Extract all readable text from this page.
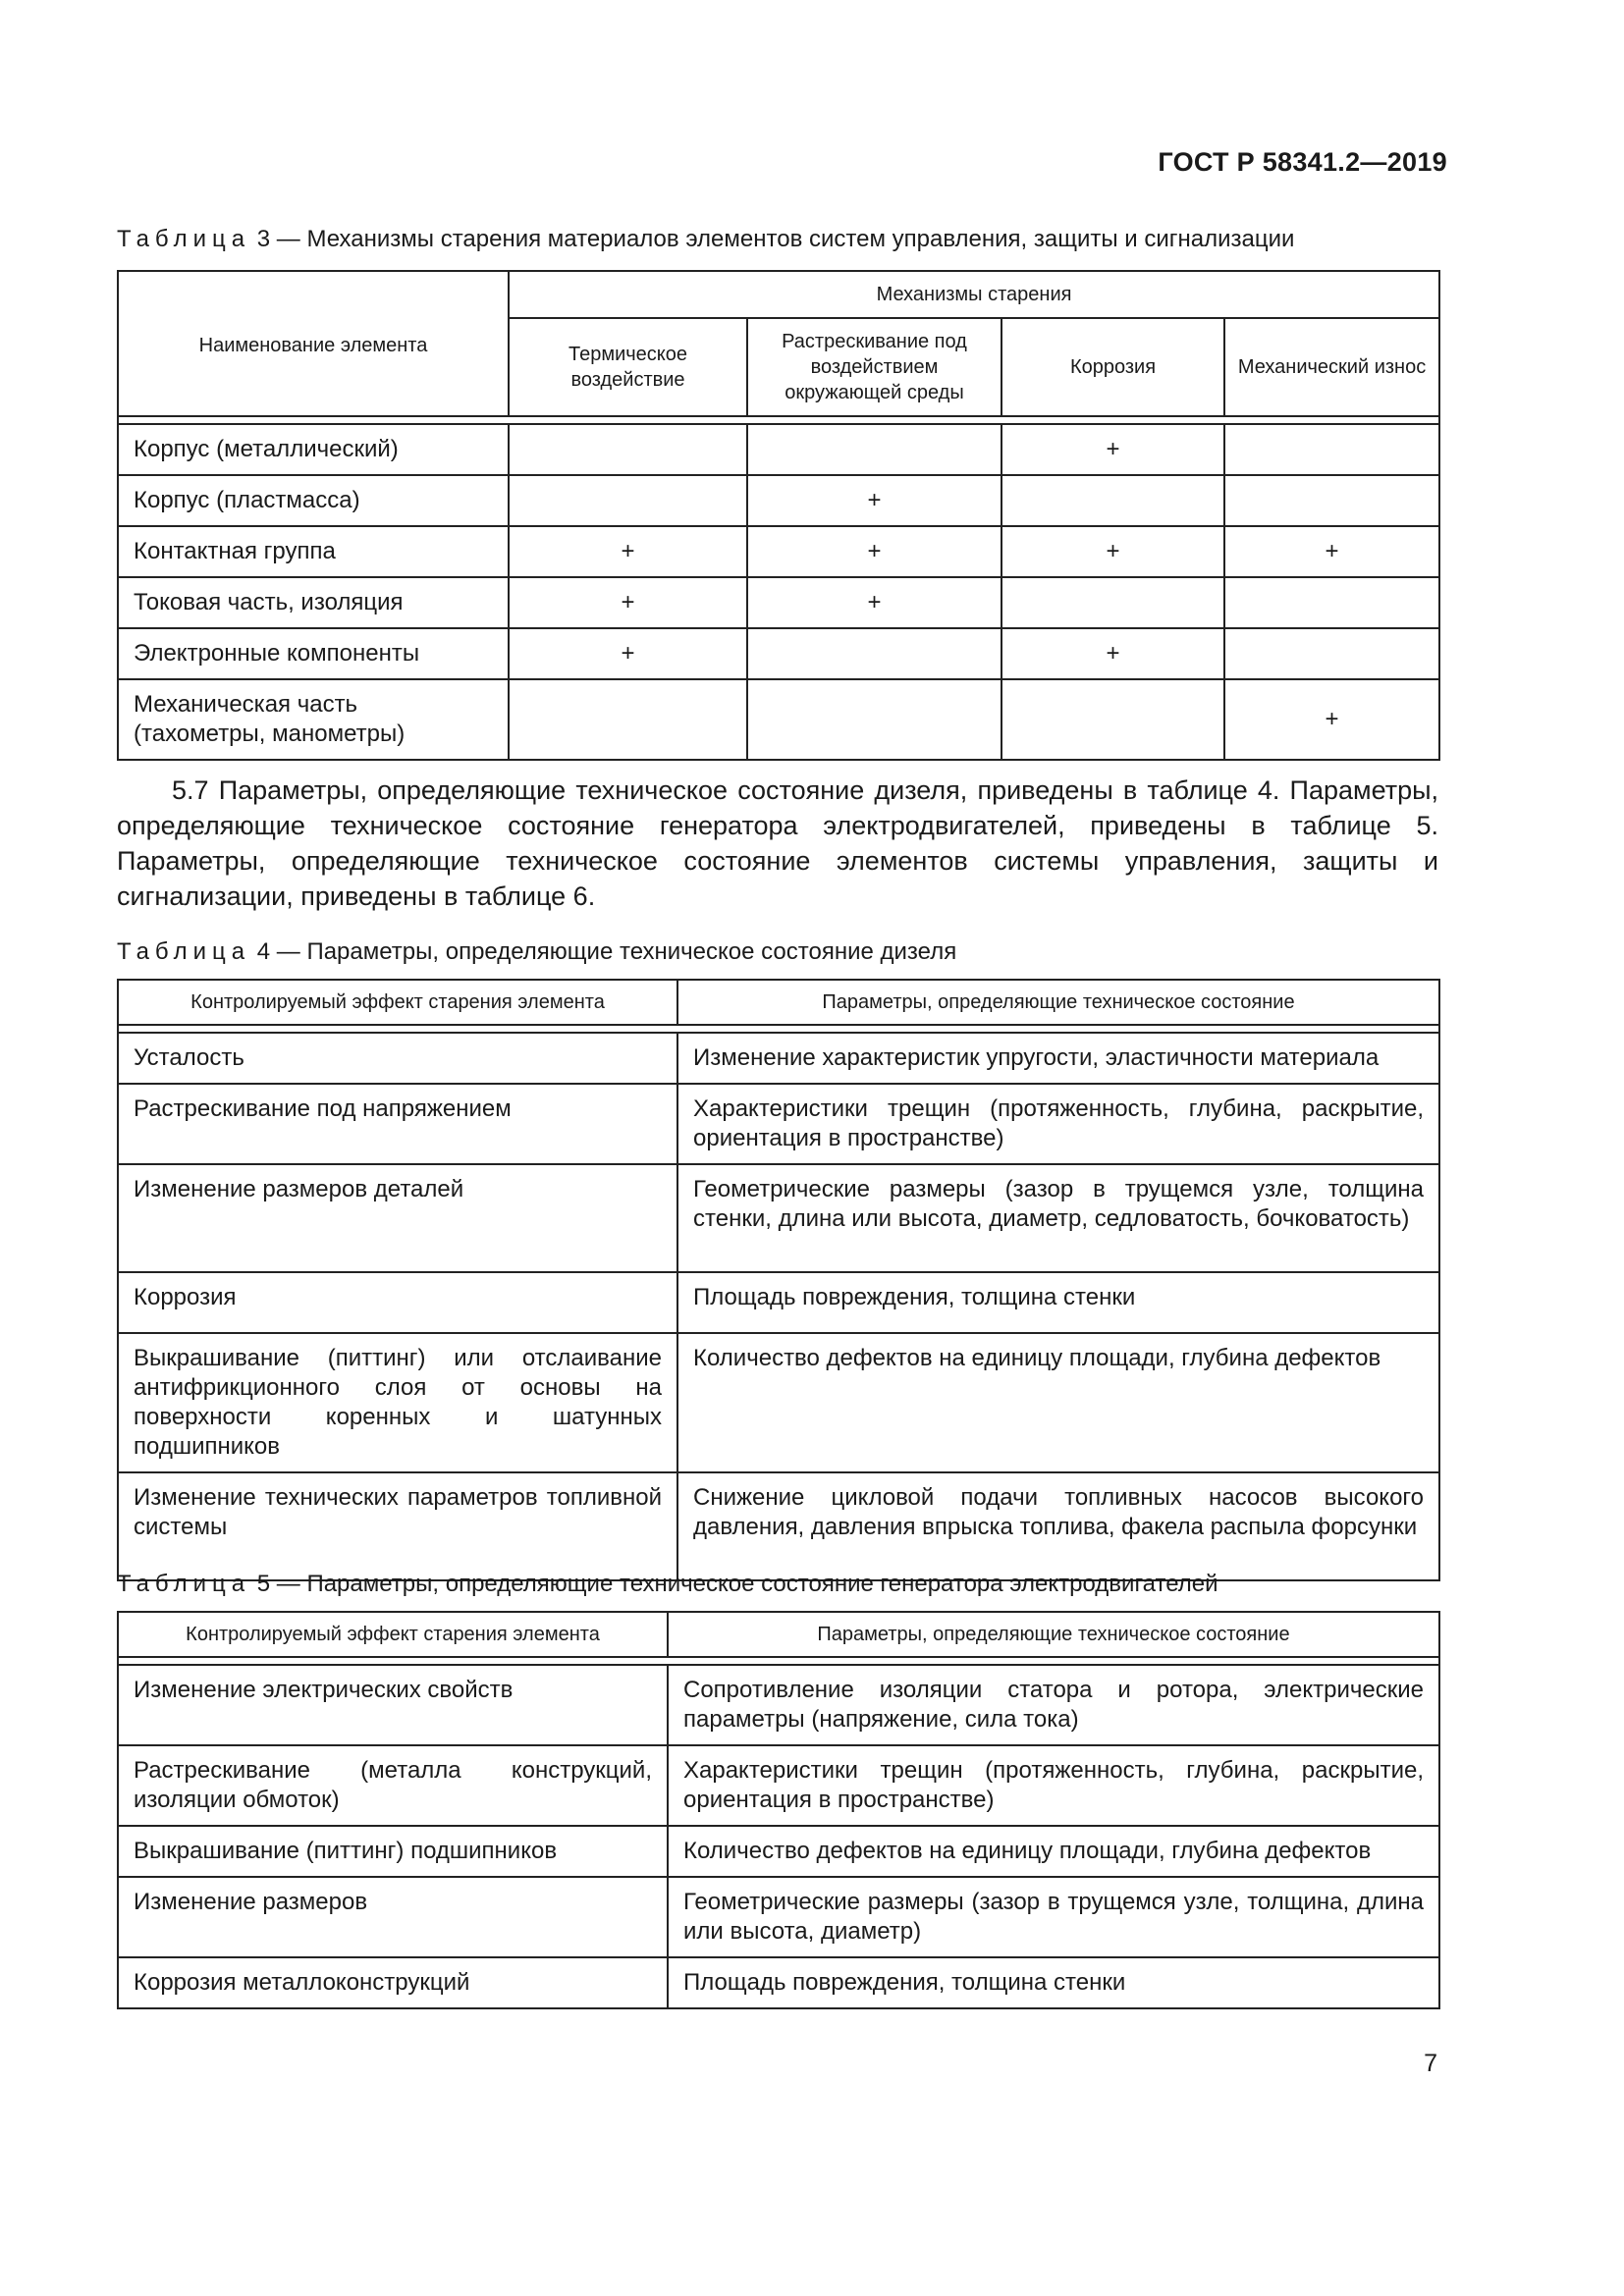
ГОСТ Р 58341.2—2019
Таблица 3 — Механизмы старения материалов элементов систем управления, защиты и сигнализации
Наименование элемента	Механизмы старения			
	Термическое воздействие	Растрескивание под воздействием окружающей среды	Коррозия	Механический износ

Корпус (металлический)			+	
Корпус (пластмасса)		+		
Контактная группа	+	+	+	+
Токовая часть, изоляция	+	+		
Электронные компоненты	+		+	
Механическая часть (тахометры, манометры)				+

5.7 Параметры, определяющие техническое состояние дизеля, приведены в таблице 4. Параметры, определяющие техническое состояние генератора электродвигателей, приведены в таблице 5. Параметры, определяющие техническое состояние элементов системы управления, защиты и сигнализации, приведены в таблице 6.

Таблица 4 — Параметры, определяющие техническое состояние дизеля
Контролируемый эффект старения элемента	Параметры, определяющие техническое состояние

Усталость	Изменение характеристик упругости, эластичности материала
Растрескивание под напряжением	Характеристики трещин (протяженность, глубина, раскрытие, ориентация в пространстве)
Изменение размеров деталей	Геометрические размеры (зазор в трущемся узле, толщина стенки, длина или высота, диаметр, седловатость, бочковатость)
Коррозия	Площадь повреждения, толщина стенки
Выкрашивание (питтинг) или отслаивание антифрикционного слоя от основы на поверхности коренных и шатунных подшипников	Количество дефектов на единицу площади, глубина дефектов
Изменение технических параметров топливной системы	Снижение цикловой подачи топливных насосов высокого давления, давления впрыска топлива, факела распыла форсунки
Таблица 5 — Параметры, определяющие техническое состояние генератора электродвигателей
Контролируемый эффект старения элемента	Параметры, определяющие техническое состояние

Изменение электрических свойств	Сопротивление изоляции статора и ротора, электрические параметры (напряжение, сила тока)
Растрескивание (металла конструкций, изоляции обмоток)	Характеристики трещин (протяженность, глубина, раскрытие, ориентация в пространстве)
Выкрашивание (питтинг) подшипников	Количество дефектов на единицу площади, глубина дефектов
Изменение размеров	Геометрические размеры (зазор в трущемся узле, толщина, длина или высота, диаметр)
Коррозия металлоконструкций	Площадь повреждения, толщина стенки
7
